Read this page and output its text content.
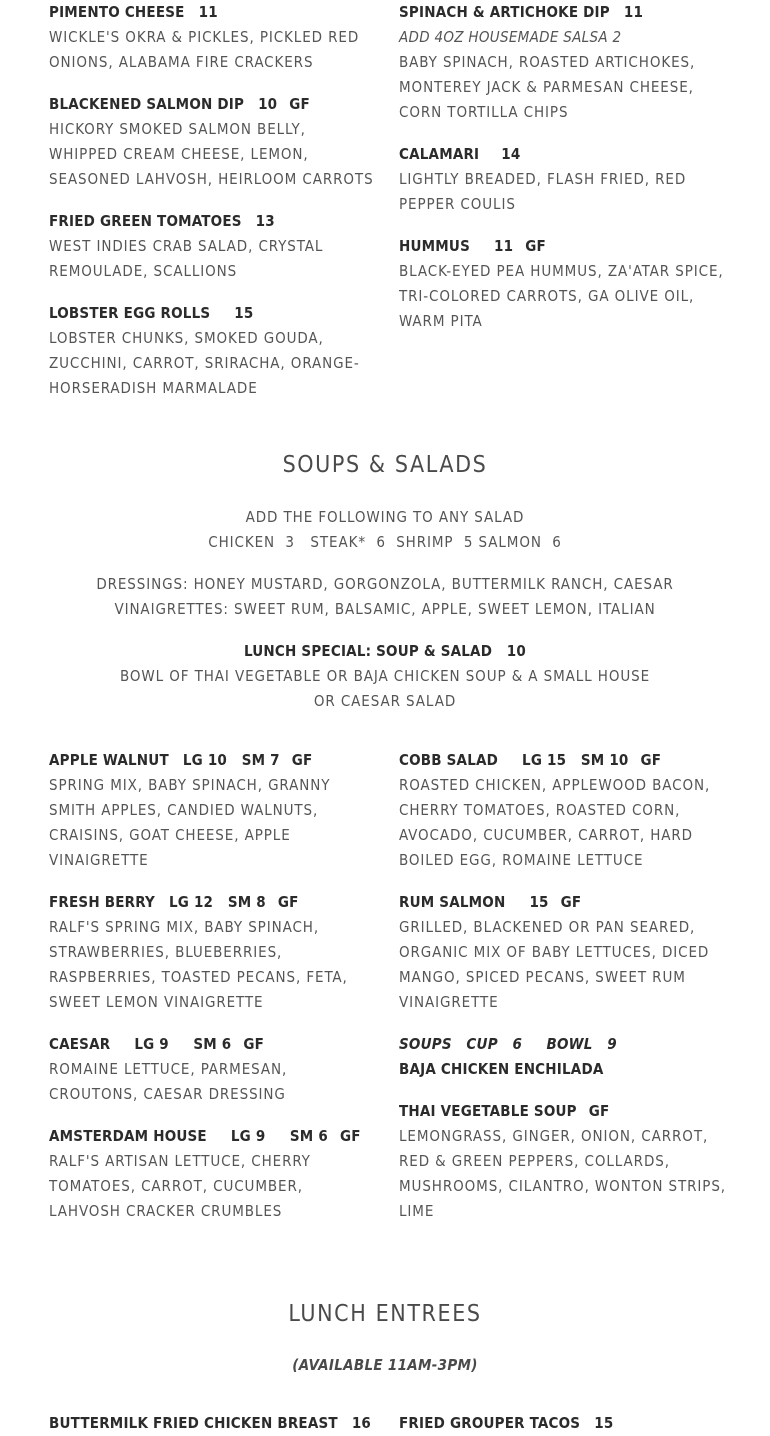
PIMENTO CHEESE 11
WICKLE'S OKRA & PICKLES, PICKLED RED ONIONS, ALABAMA FIRE CRACKERS
BLACKENED SALMON DIP 10 GF
HICKORY SMOKED SALMON BELLY, WHIPPED CREAM CHEESE, LEMON, SEASONED LAHVOSH, HEIRLOOM CARROTS
FRIED GREEN TOMATOES 13
WEST INDIES CRAB SALAD, CRYSTAL REMOULADE, SCALLIONS
LOBSTER EGG ROLLS 15
LOBSTER CHUNKS, SMOKED GOUDA, ZUCCHINI, CARROT, SRIRACHA, ORANGE-HORSERADISH MARMALADE
SPINACH & ARTICHOKE DIP 11
ADD 4OZ HOUSEMADE SALSA 2
BABY SPINACH, ROASTED ARTICHOKES, MONTEREY JACK & PARMESAN CHEESE, CORN TORTILLA CHIPS
CALAMARI 14
LIGHTLY BREADED, FLASH FRIED, RED PEPPER COULIS
HUMMUS 11 GF
BLACK-EYED PEA HUMMUS, ZA'ATAR SPICE, TRI-COLORED CARROTS, GA OLIVE OIL, WARM PITA
SOUPS & SALADS

ADD THE FOLLOWING TO ANY SALAD

CHICKEN  3   STEAK*  6  SHRIMP  5 SALMON  6

DRESSINGS: HONEY MUSTARD, GORGONZOLA, BUTTERMILK RANCH, CAESAR

VINAIGRETTES: SWEET RUM, BALSAMIC, APPLE, SWEET LEMON, ITALIAN

LUNCH SPECIAL: SOUP & SALAD   10

BOWL OF THAI VEGETABLE OR BAJA CHICKEN SOUP & A SMALL HOUSE OR CAESAR SALAD

APPLE WALNUT LG 10   SM 7 GF
SPRING MIX, BABY SPINACH, GRANNY SMITH APPLES, CANDIED WALNUTS, CRAISINS, GOAT CHEESE, APPLE VINAIGRETTE
FRESH BERRY LG 12   SM 8 GF
RALF'S SPRING MIX, BABY SPINACH, STRAWBERRIES, BLUEBERRIES, RASPBERRIES, TOASTED PECANS, FETA, SWEET LEMON VINAIGRETTE
CAESAR LG 9     SM 6 GF
ROMAINE LETTUCE, PARMESAN, CROUTONS, CAESAR DRESSING
AMSTERDAM HOUSE LG 9     SM 6 GF
RALF'S ARTISAN LETTUCE, CHERRY TOMATOES, CARROT, CUCUMBER, LAHVOSH CRACKER CRUMBLES
COBB SALAD LG 15   SM 10 GF
ROASTED CHICKEN, APPLEWOOD BACON, CHERRY TOMATOES, ROASTED CORN, AVOCADO, CUCUMBER, CARROT, HARD BOILED EGG, ROMAINE LETTUCE
RUM SALMON 15 GF
GRILLED, BLACKENED OR PAN SEARED, ORGANIC MIX OF BABY LETTUCES, DICED MANGO, SPICED PECANS, SWEET RUM VINAIGRETTE
SOUPS   CUP   6     BOWL   9
BAJA CHICKEN ENCHILADA
THAI VEGETABLE SOUP GF
LEMONGRASS, GINGER, ONION, CARROT, RED & GREEN PEPPERS, COLLARDS, MUSHROOMS, CILANTRO, WONTON STRIPS, LIME
LUNCH ENTREES
(AVAILABLE 11AM-3PM)
BUTTERMILK FRIED CHICKEN BREAST 16 FRIED GROUPER TACOS 15
